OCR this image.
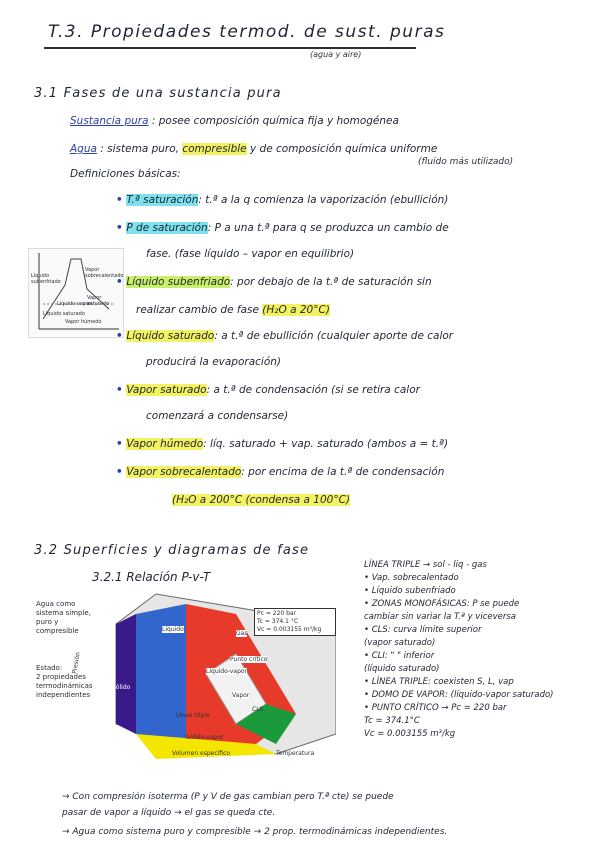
T.3. Propiedades termod. de sust. puras
(agua y aire)
3.1 Fases de una sustancia pura
Sustancia pura : posee composición química fija y homogénea
Agua : sistema puro, compresible y de composición química uniforme
(fluido más utilizado)
Definiciones básicas:
Líquido
subenfriado
Vapor sobrecalentado
Líquido-vapor
Líquido saturado
Vapor saturado
Vapor húmedo
• T.ª saturación: t.ª a la q comienza la vaporización (ebullición)
• P de saturación: P a una t.ª para q se produzca un cambio de
fase. (fase líquido – vapor en equilibrio)
• Líquido subenfriado: por debajo de la t.ª de saturación sin
realizar cambio de fase (H₂O a 20°C)
• Líquido saturado: a t.ª de ebullición (cualquier aporte de calor
producirá la evaporación)
• Vapor saturado: a t.ª de condensación (si se retira calor
comenzará a condensarse)
• Vapor húmedo: líq. saturado + vap. saturado (ambos a = t.ª)
• Vapor sobrecalentado: por encima de la t.ª de condensación
(H₂O a 200°C (condensa a 100°C)
3.2 Superficies y diagramas de fase
3.2.1 Relación P-v-T
Presión
Agua como
sistema simple,
puro y
compresible
Estado:
2 propiedades
termodinámicas
independientes
Pc = 220 bar
Tc = 374.1 °C
Vc = 0.003155 m³/kg
Líquido
Gas
Sólido
Punto crítico
Líquido-vapor
Vapor
Línea triple
Sólido-vapor
CLS
Volumen específico	Temperatura
LÍNEA TRIPLE → sol - liq - gas
• Vap. sobrecalentado
• Líquido subenfriado
• ZONAS MONOFÁSICAS: P se puede
cambiar sin variar la T.ª y viceversa
• CLS: curva límite superior
(vapor saturado)
• CLI: " " inferior
(líquido saturado)
• LÍNEA TRIPLE: coexisten S, L, vap
• DOMO DE VAPOR: (líquido-vapor saturado)
• PUNTO CRÍTICO → Pc = 220 bar
Tc = 374.1°C
Vc = 0.003155 m³/kg
→ Con compresión isoterma (P y V de gas cambian pero T.ª cte) se puede
pasar de vapor a líquido → el gas se queda cte.
→ Agua como sistema puro y compresible → 2 prop. termodinámicas independientes.
